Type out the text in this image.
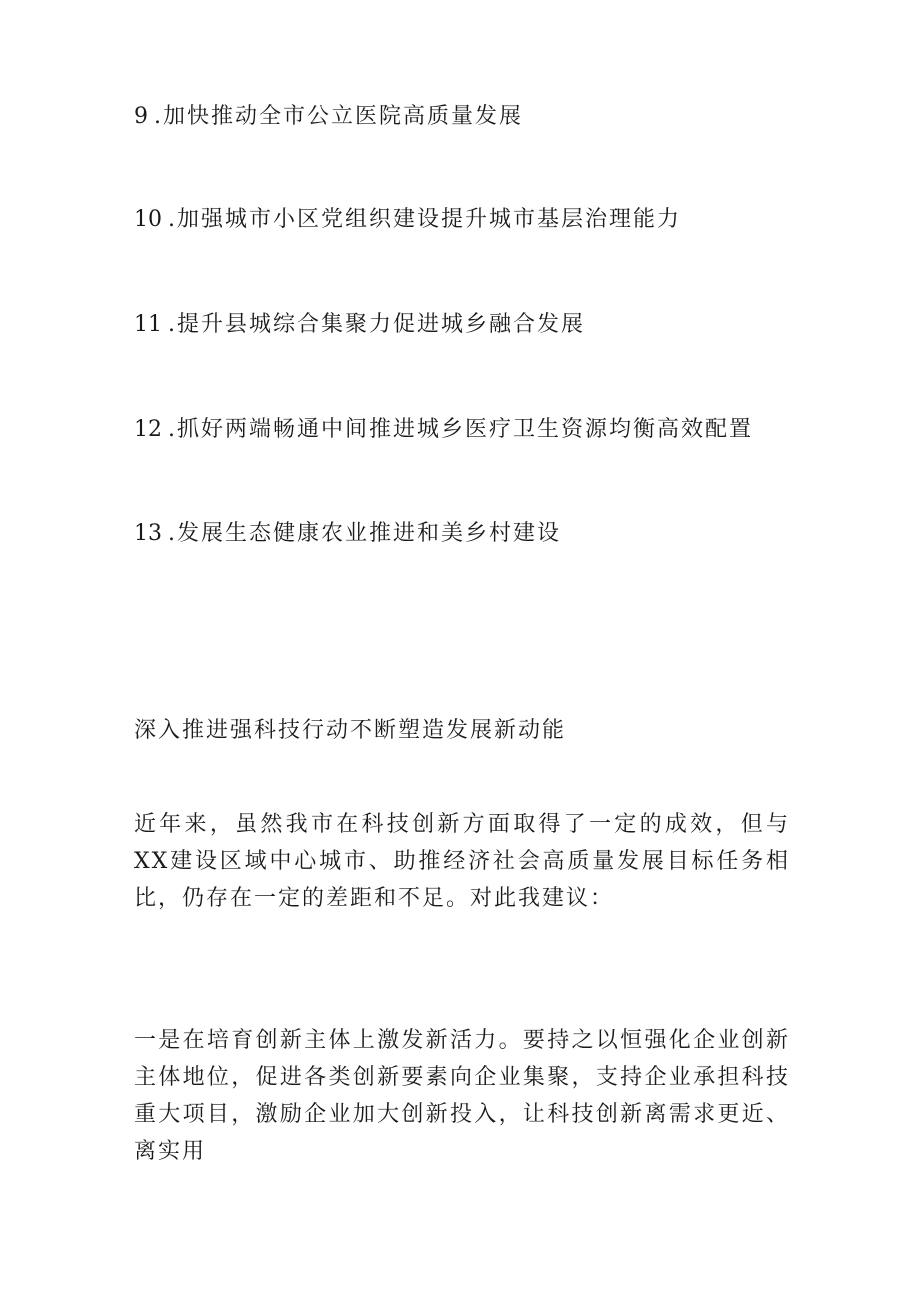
9 .加快推动全市公立医院高质量发展
10 .加强城市小区党组织建设提升城市基层治理能力
11 .提升县城综合集聚力促进城乡融合发展
12 .抓好两端畅通中间推进城乡医疗卫生资源均衡高效配置
13 .发展生态健康农业推进和美乡村建设
深入推进强科技行动不断塑造发展新动能

近年来，虽然我市在科技创新方面取得了一定的成效，但与XX建设区域中心城市、助推经济社会高质量发展目标任务相比，仍存在一定的差距和不足。对此我建议：

一是在培育创新主体上激发新活力。要持之以恒强化企业创新主体地位，促进各类创新要素向企业集聚，支持企业承担科技重大项目，激励企业加大创新投入，让科技创新离需求更近、离实用
